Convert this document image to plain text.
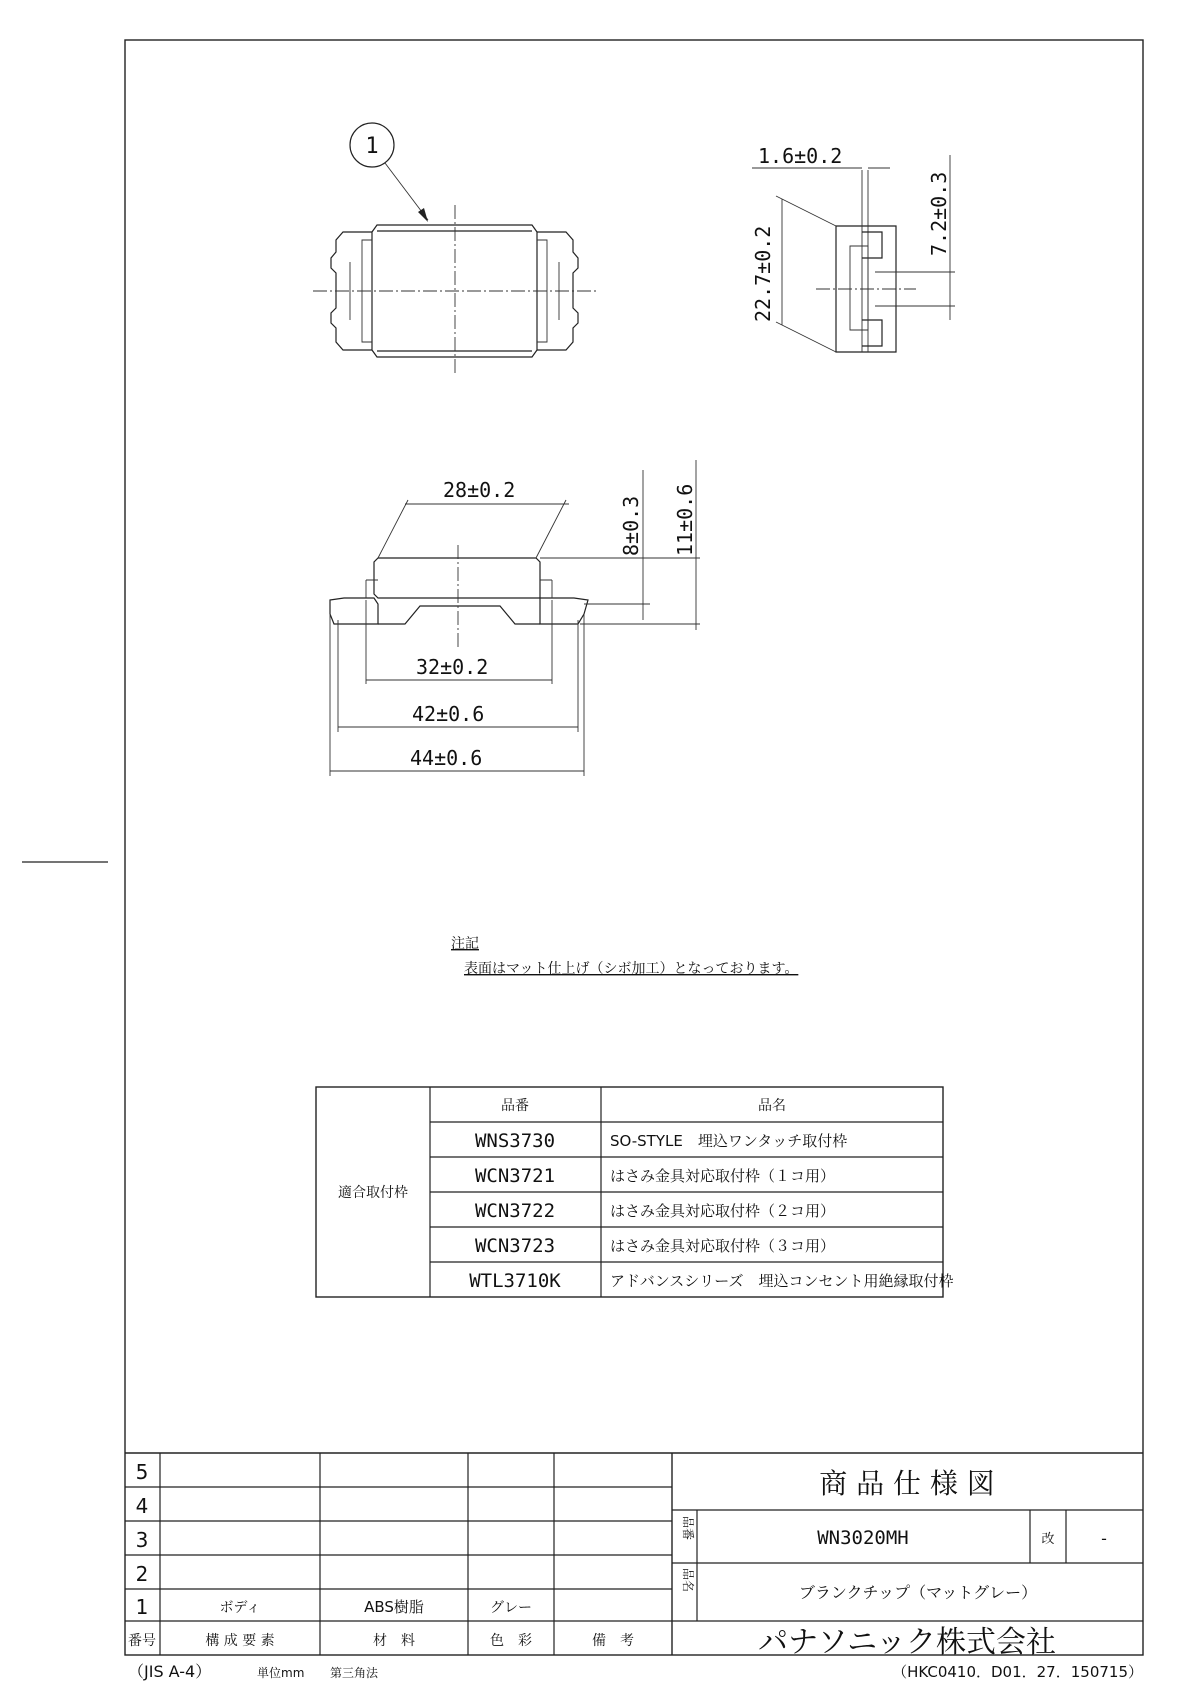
1	1.6±0.2
22.7±0.2
7.2±0.3
28±0.2
8±0.3 11±0.6
32±0.2
42±0.6
44±0.6
注記
表面はマット仕上げ（シボ加工）となっております。
適合取付枠
品番	品名
WNS3730	SO-STYLE　埋込ワンタッチ取付枠
WCN3721	はさみ金具対応取付枠（１コ用）
WCN3722	はさみ金具対応取付枠（２コ用）
WCN3723	はさみ金具対応取付枠（３コ用）
WTL3710K	アドバンスシリーズ　埋込コンセント用絶縁取付枠
5
4
3
2
1	ボディ	ABS樹脂	グレー
番号	構 成 要 素	材　料	色　彩	備　考
商 品 仕 様 図
品番	WN3020MH	改	-
品名
ブランクチップ（マットグレー）
パナソニック株式会社
（JIS A-4）	単位mm 第三角法	（HKC0410．D01．27．150715）
